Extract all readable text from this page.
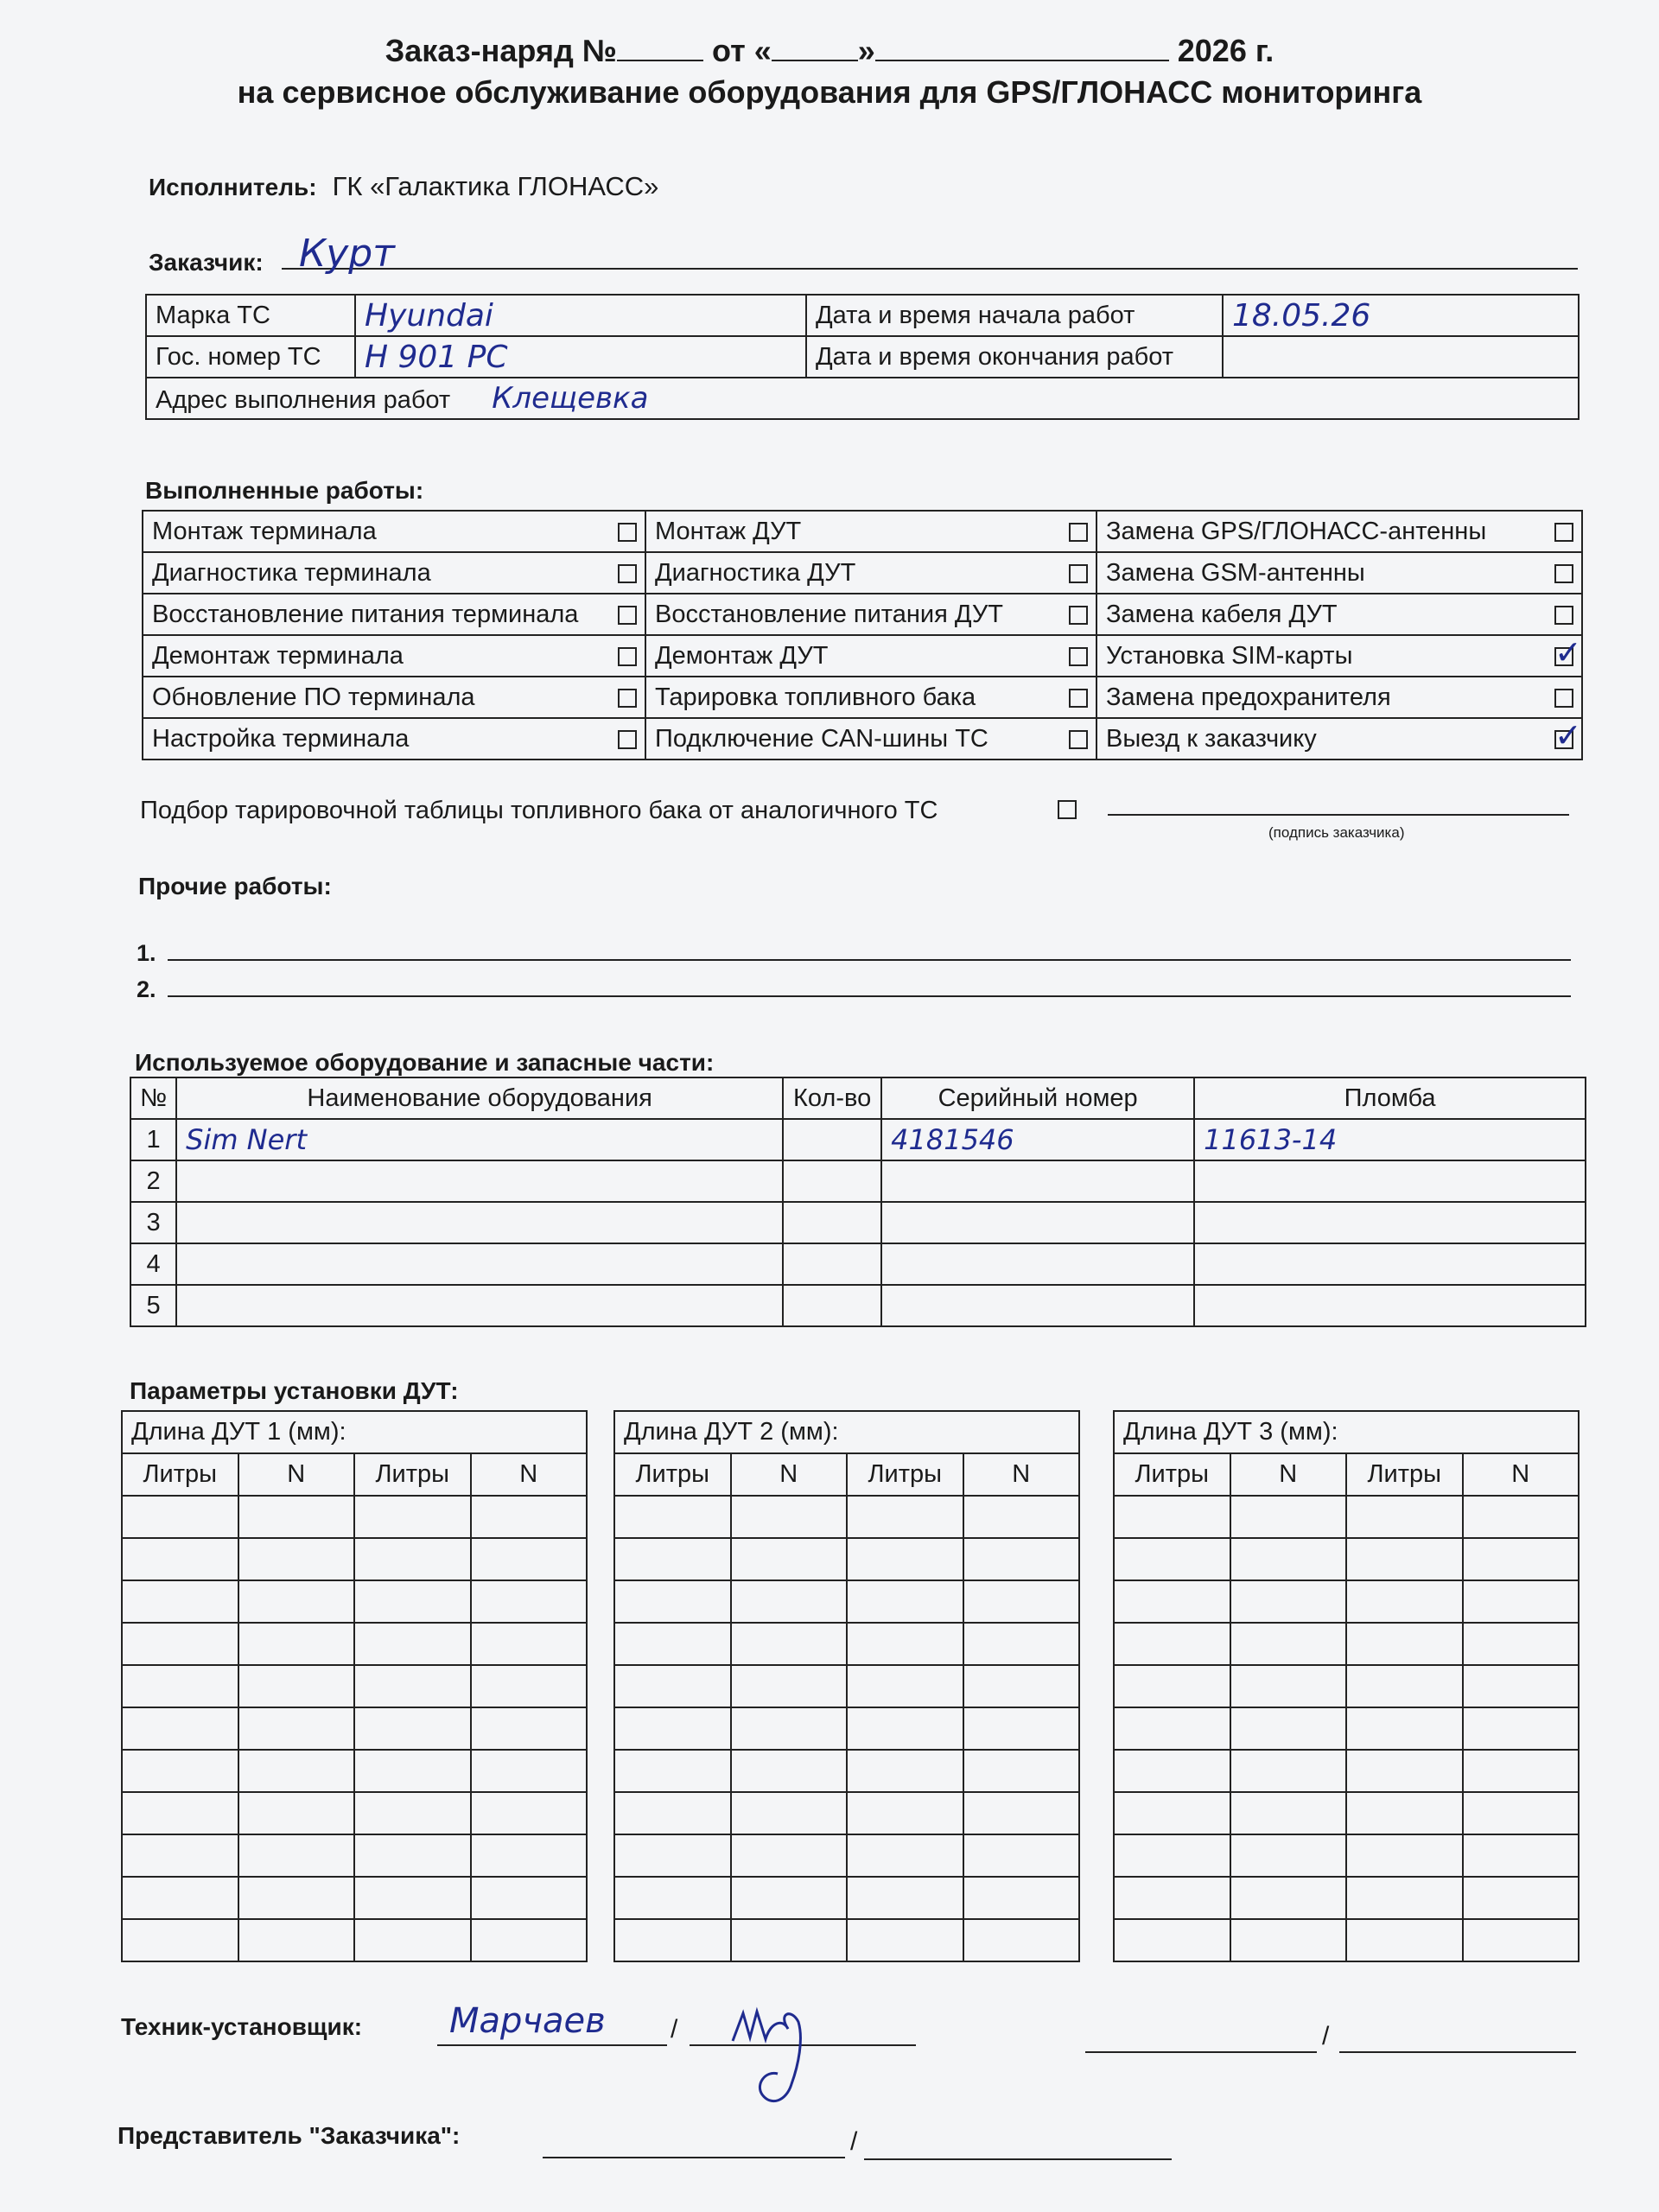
Заказ-наряд №	от «	»	2026 г.
на сервисное обслуживание оборудования для GPS/ГЛОНАСС мониторинга
Исполнитель: ГК «Галактика ГЛОНАСС»
Заказчик: Курт
Марка ТС	Hyundai	Дата и время начала работ	18.05.26
Гос. номер ТС	Н 901 РС	Дата и время окончания работ	
Адрес выполнения работ Клещевка			
Выполненные работы:
Монтаж терминала		Монтаж ДУТ		Замена GPS/ГЛОНАСС-антенны	
Диагностика терминала		Диагностика ДУТ		Замена GSM-антенны	
Восстановление питания терминала		Восстановление питания ДУТ		Замена кабеля ДУТ	
Демонтаж терминала		Демонтаж ДУТ		Установка SIM-карты	✓

Обновление ПО терминала		Тарировка топливного бака		Замена предохранителя	
Настройка терминала		Подключение CAN-шины ТС		Выезд к заказчику	✓
Подбор тарировочной таблицы топливного бака от аналогичного ТС
(подпись заказчика)
Прочие работы:
1.
2.
Используемое оборудование и запасные части:
№	Наименование оборудования	Кол-во	Серийный номер	Пломба
1	Sim Nert		4181546	11613-14
2				
3				
4				
5				
Параметры установки ДУТ:
Длина ДУТ 1 (мм):			
Литры	N	Литры	N

Длина ДУТ 2 (мм):			
Литры	N	Литры	N

Длина ДУТ 3 (мм):			
Литры	N	Литры	N

Техник-установщик:	Марчаев	/	/
Представитель "Заказчика":	/
